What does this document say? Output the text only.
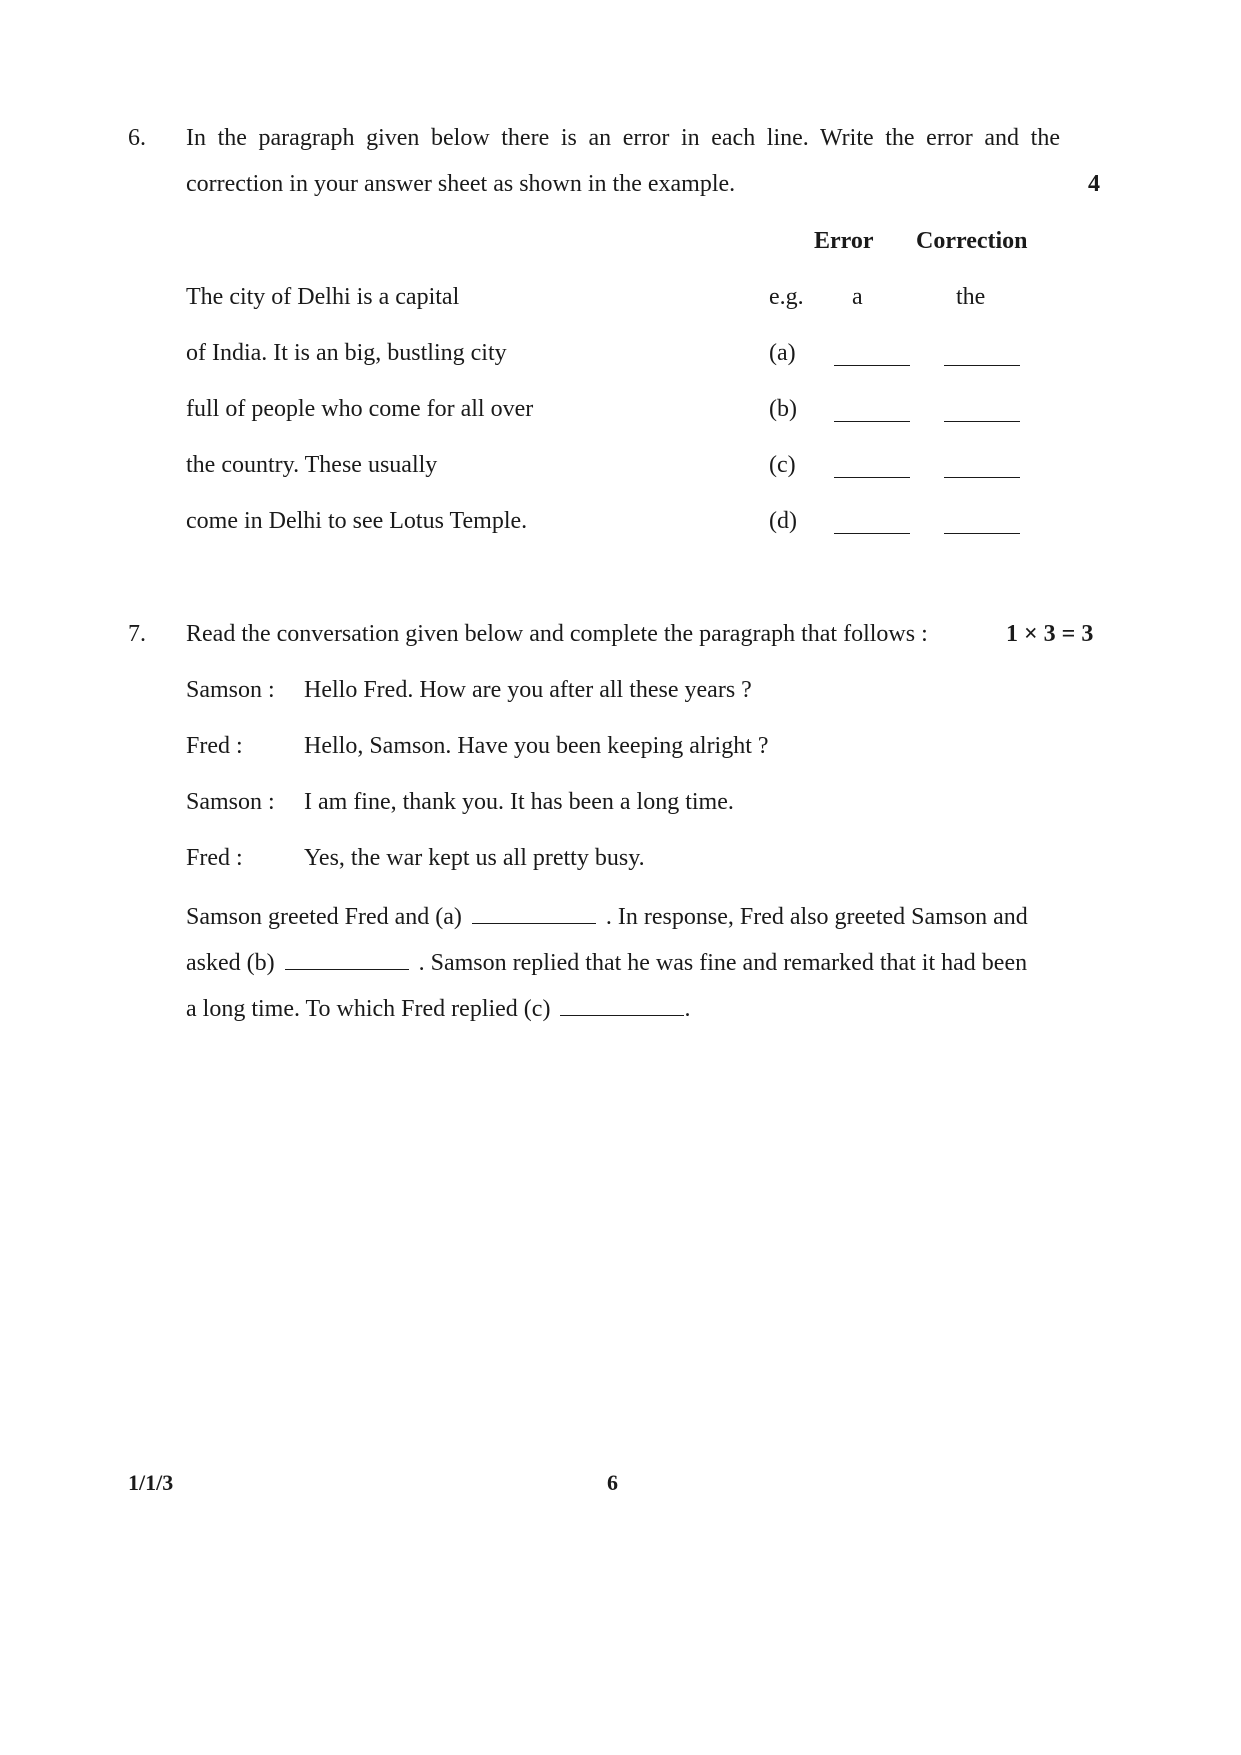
6. In the paragraph given below there is an error in each line. Write the error and the
correction in your answer sheet as shown in the example.	4
Error Correction
The city of Delhi is a capital	e.g. a	the
of India. It is an big, bustling city	(a)
full of people who come for all over	(b)
the country. These usually	(c)
come in Delhi to see Lotus Temple.	(d)
7. Read the conversation given below and complete the paragraph that follows :	1 × 3 = 3
Samson : Hello Fred. How are you after all these years ?
Fred :	Hello, Samson. Have you been keeping alright ?
Samson : I am fine, thank you. It has been a long time.
Fred :	Yes, the war kept us all pretty busy.
Samson greeted Fred and (a)	. In response, Fred also greeted Samson and
asked (b)	. Samson replied that he was fine and remarked that it had been
a long time. To which Fred replied (c)	.
1/1/3	6
